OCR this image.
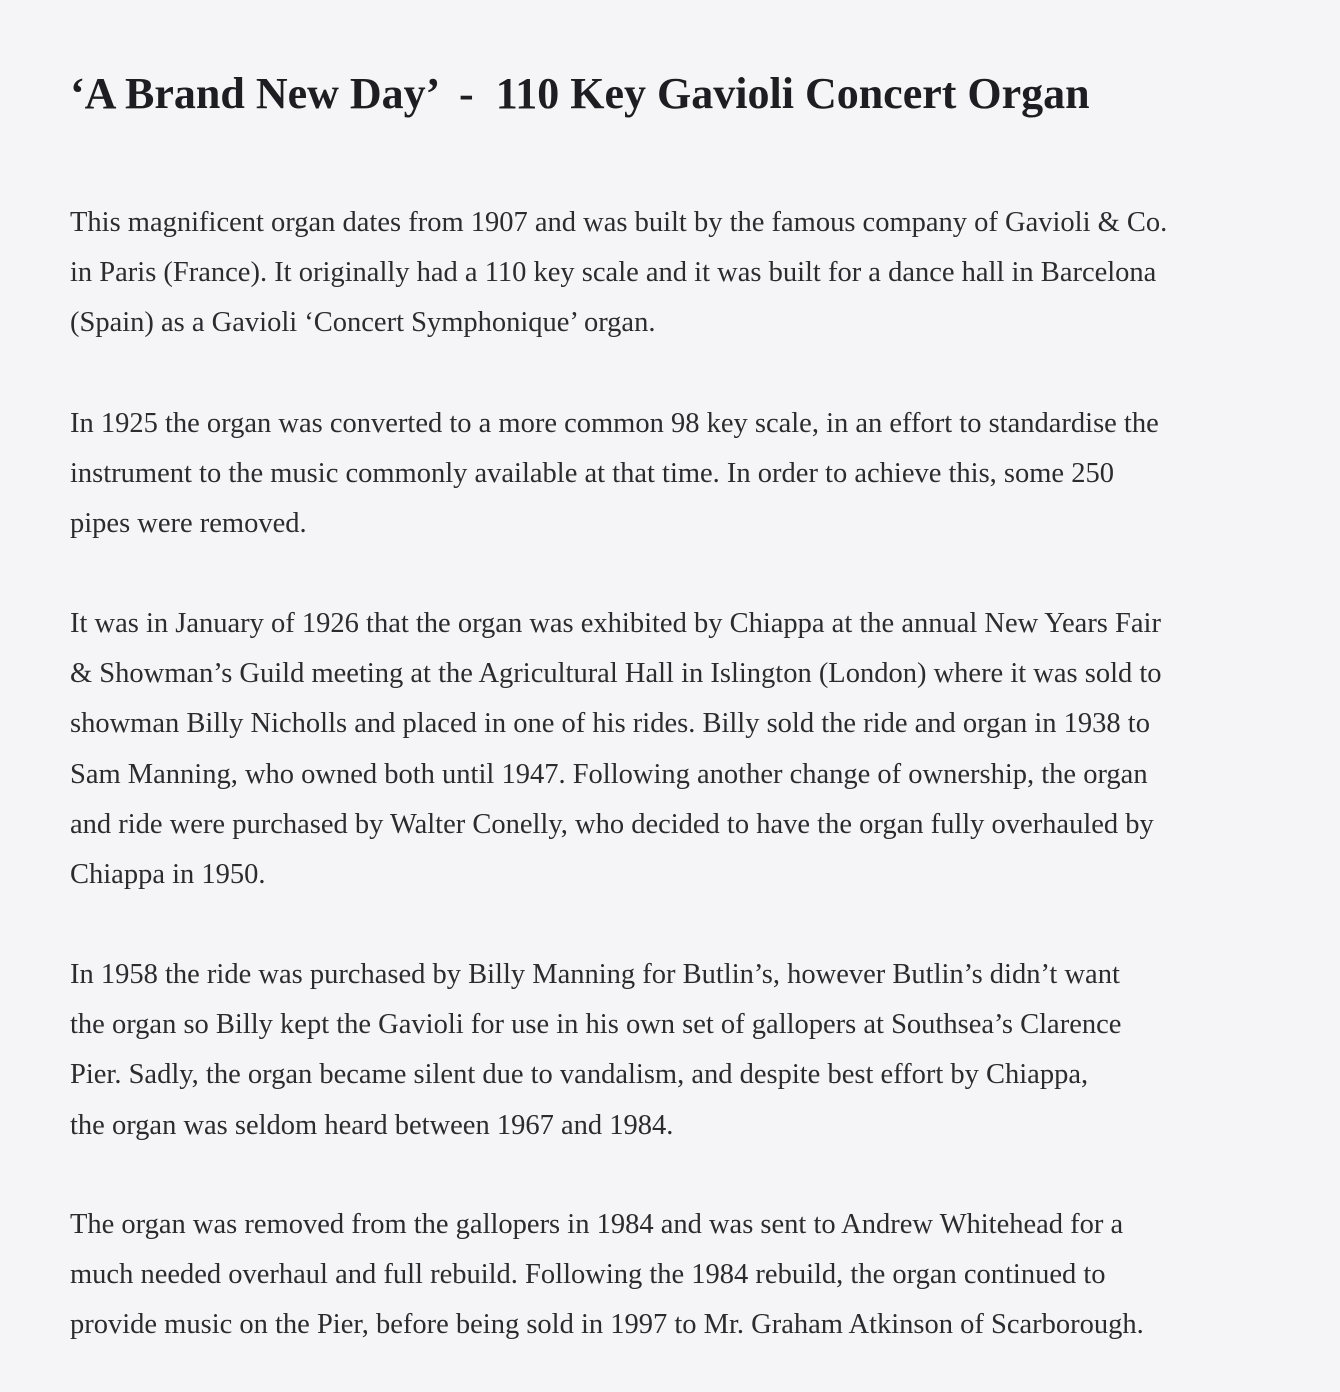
‘A Brand New Day’  -  110 Key Gavioli Concert Organ

This magnificent organ dates from 1907 and was built by the famous company of Gavioli & Co.
in Paris (France). It originally had a 110 key scale and it was built for a dance hall in Barcelona
(Spain) as a Gavioli ‘Concert Symphonique’ organ.

In 1925 the organ was converted to a more common 98 key scale, in an effort to standardise the
instrument to the music commonly available at that time. In order to achieve this, some 250
pipes were removed.

It was in January of 1926 that the organ was exhibited by Chiappa at the annual New Years Fair
& Showman’s Guild meeting at the Agricultural Hall in Islington (London) where it was sold to
showman Billy Nicholls and placed in one of his rides. Billy sold the ride and organ in 1938 to
Sam Manning, who owned both until 1947. Following another change of ownership, the organ
and ride were purchased by Walter Conelly, who decided to have the organ fully overhauled by
Chiappa in 1950.

In 1958 the ride was purchased by Billy Manning for Butlin’s, however Butlin’s didn’t want
the organ so Billy kept the Gavioli for use in his own set of gallopers at Southsea’s Clarence
Pier. Sadly, the organ became silent due to vandalism, and despite best effort by Chiappa,
the organ was seldom heard between 1967 and 1984.

The organ was removed from the gallopers in 1984 and was sent to Andrew Whitehead for a
much needed overhaul and full rebuild. Following the 1984 rebuild, the organ continued to
provide music on the Pier, before being sold in 1997 to Mr. Graham Atkinson of Scarborough.
